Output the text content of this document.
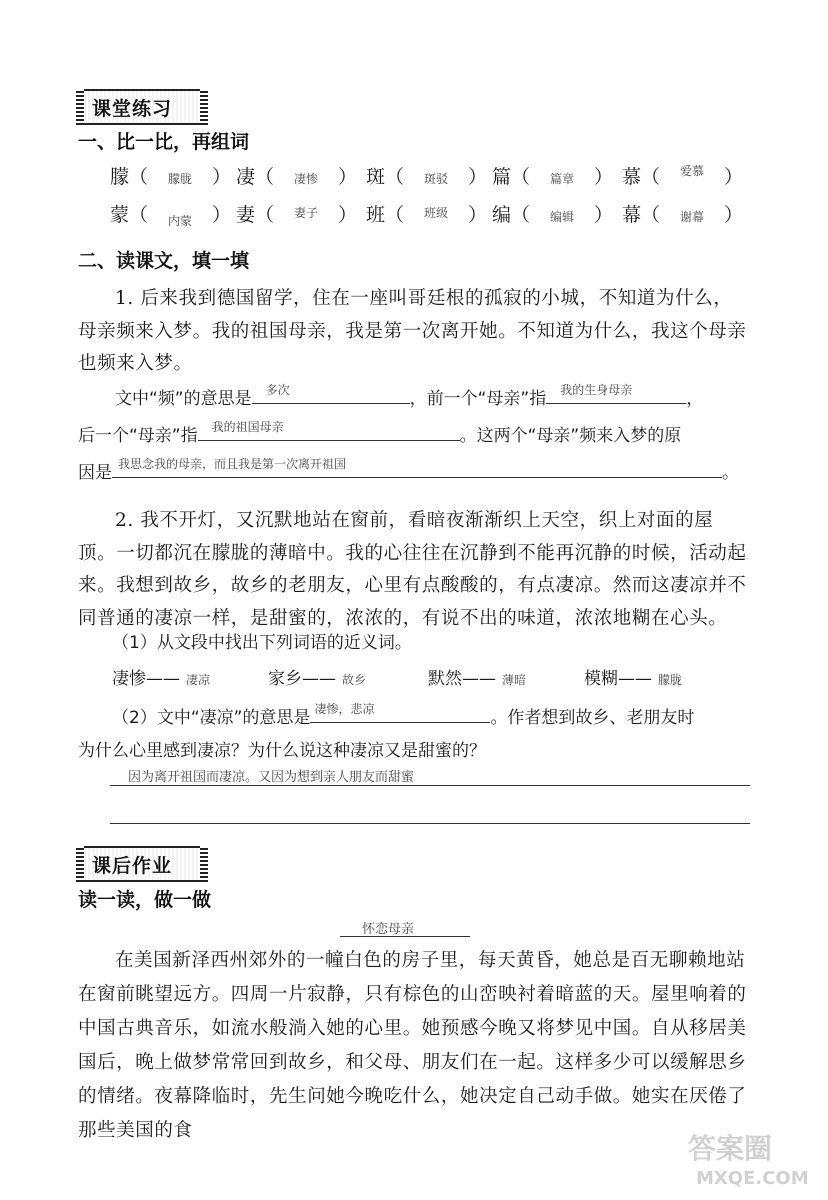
课堂练习
一、比一比，再组词
朦（ 朦胧 ） 凄（ 凄惨 ） 斑（ 斑驳 ） 篇（ 篇章 ） 慕（ 爱慕 ）
蒙（ 内蒙 ） 妻（ 妻子 ） 班（ 班级 ） 编（ 编辑 ） 幕（ 谢幕 ）
二、读课文，填一填

1. 后来我到德国留学，住在一座叫哥廷根的孤寂的小城，不知道为什么，母亲频来入梦。我的祖国母亲，我是第一次离开她。不知道为什么，我这个母亲也频来入梦。

文中“频”的意思是 多次	，前一个“母亲”指 我的生身母亲	，
后一个“母亲”指 我的祖国母亲	。这两个“母亲”频来入梦的原
因是 我思念我的母亲，而且我是第一次离开祖国	。

2. 我不开灯，又沉默地站在窗前，看暗夜渐渐织上天空，织上对面的屋顶。一切都沉在朦胧的薄暗中。我的心往往在沉静到不能再沉静的时候，活动起来。我想到故乡，故乡的老朋友，心里有点酸酸的，有点凄凉。然而这凄凉并不同普通的凄凉一样，是甜蜜的，浓浓的，有说不出的味道，浓浓地糊在心头。

（1）从文段中找出下列词语的近义词。
凄惨—— 凄凉	家乡—— 故乡	默然—— 薄暗	模糊—— 朦胧
（2）文中“凄凉”的意思是 凄惨，悲凉	。作者想到故乡、老朋友时
为什么心里感到凄凉？为什么说这种凄凉又是甜蜜的？
因为离开祖国而凄凉。又因为想到亲人朋友而甜蜜
课后作业
读一读，做一做
怀恋母亲

在美国新泽西州郊外的一幢白色的房子里，每天黄昏，她总是百无聊赖地站在窗前眺望远方。四周一片寂静，只有棕色的山峦映衬着暗蓝的天。屋里响着的中国古典音乐，如流水般淌入她的心里。她预感今晚又将梦见中国。自从移居美国后，晚上做梦常常回到故乡，和父母、朋友们在一起。这样多少可以缓解思乡的情绪。夜幕降临时，先生问她今晚吃什么，她决定自己动手做。她实在厌倦了那些美国的食

答案圈
MXQE.COM
